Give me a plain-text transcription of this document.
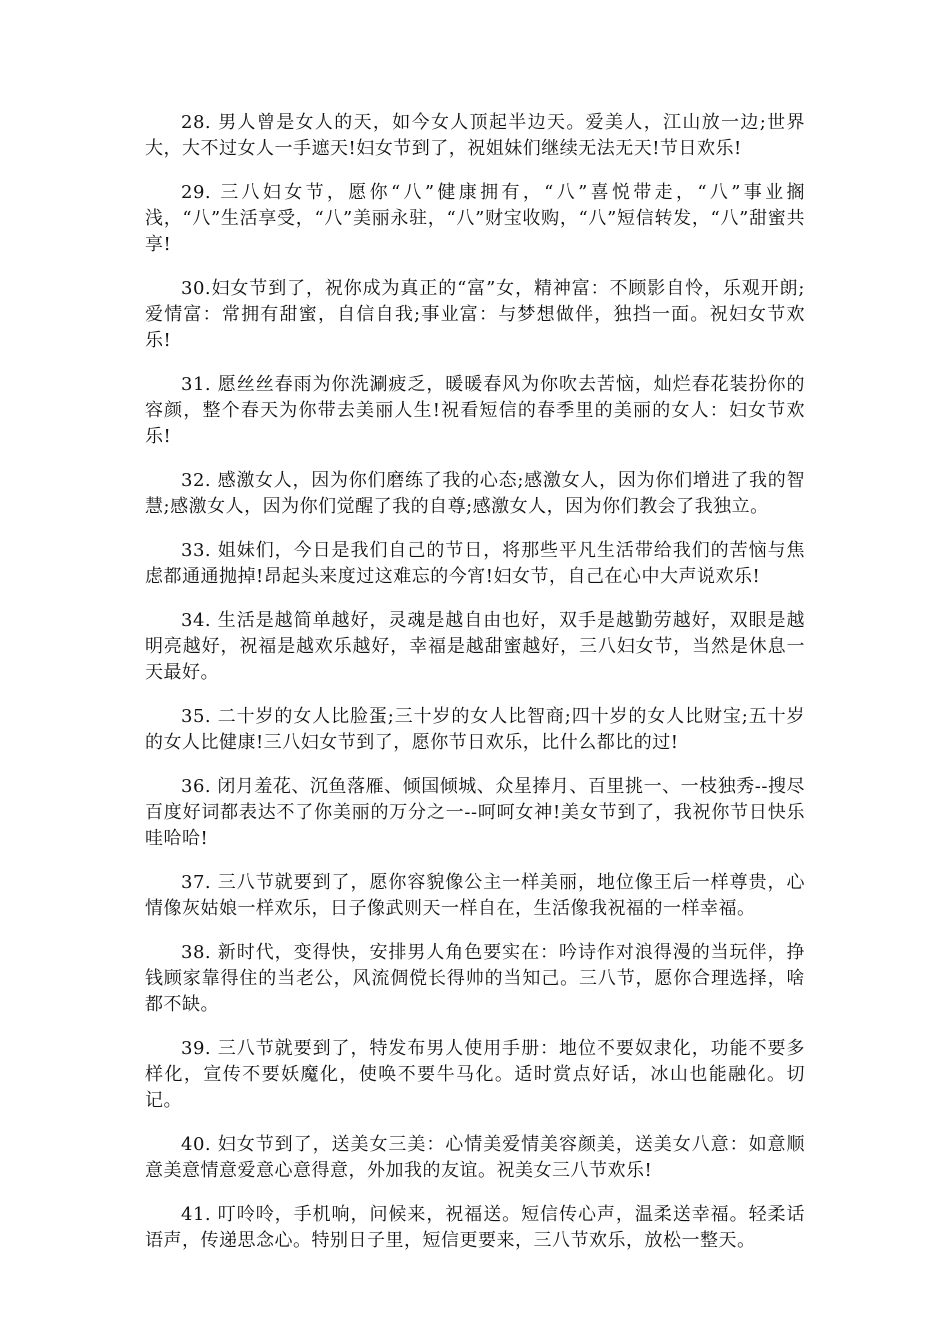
28. 男人曾是女人的天，如今女人顶起半边天。爱美人，江山放一边;世界大，大不过女人一手遮天!妇女节到了，祝姐妹们继续无法无天!节日欢乐!

29. 三八妇女节，愿你“八”健康拥有，“八”喜悦带走，“八”事业搁浅，“八”生活享受，“八”美丽永驻，“八”财宝收购，“八”短信转发，“八”甜蜜共享!

30.妇女节到了，祝你成为真正的“富”女，精神富：不顾影自怜，乐观开朗;爱情富：常拥有甜蜜，自信自我;事业富：与梦想做伴，独挡一面。祝妇女节欢乐!

31. 愿丝丝春雨为你洗涮疲乏，暖暖春风为你吹去苦恼，灿烂春花装扮你的容颜，整个春天为你带去美丽人生!祝看短信的春季里的美丽的女人：妇女节欢乐!

32. 感激女人，因为你们磨练了我的心态;感激女人，因为你们增进了我的智慧;感激女人，因为你们觉醒了我的自尊;感激女人，因为你们教会了我独立。

33. 姐妹们，今日是我们自己的节日，将那些平凡生活带给我们的苦恼与焦虑都通通抛掉!昂起头来度过这难忘的今宵!妇女节，自己在心中大声说欢乐!

34. 生活是越简单越好，灵魂是越自由也好，双手是越勤劳越好，双眼是越明亮越好，祝福是越欢乐越好，幸福是越甜蜜越好，三八妇女节，当然是休息一天最好。

35. 二十岁的女人比脸蛋;三十岁的女人比智商;四十岁的女人比财宝;五十岁的女人比健康!三八妇女节到了，愿你节日欢乐，比什么都比的过!

36. 闭月羞花、沉鱼落雁、倾国倾城、众星捧月、百里挑一、一枝独秀--搜尽百度好词都表达不了你美丽的万分之一--呵呵女神!美女节到了，我祝你节日快乐哇哈哈!

37. 三八节就要到了，愿你容貌像公主一样美丽，地位像王后一样尊贵，心情像灰姑娘一样欢乐，日子像武则天一样自在，生活像我祝福的一样幸福。

38. 新时代，变得快，安排男人角色要实在：吟诗作对浪得漫的当玩伴，挣钱顾家靠得住的当老公，风流倜傥长得帅的当知己。三八节，愿你合理选择，啥都不缺。

39. 三八节就要到了，特发布男人使用手册：地位不要奴隶化，功能不要多样化，宣传不要妖魔化，使唤不要牛马化。适时赏点好话，冰山也能融化。切记。

40. 妇女节到了，送美女三美：心情美爱情美容颜美，送美女八意：如意顺意美意情意爱意心意得意，外加我的友谊。祝美女三八节欢乐!

41. 叮呤呤，手机响，问候来，祝福送。短信传心声，温柔送幸福。轻柔话语声，传递思念心。特别日子里，短信更要来，三八节欢乐，放松一整天。
